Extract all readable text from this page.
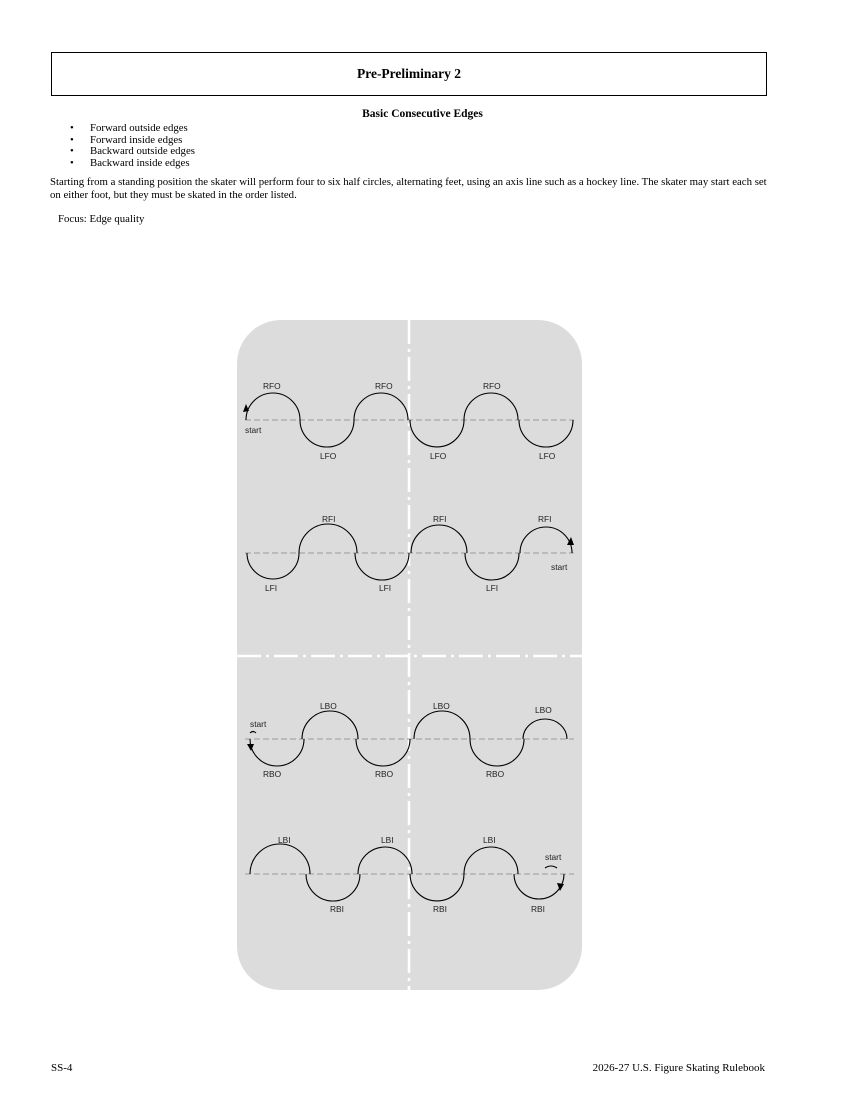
Pre-Preliminary 2
Basic Consecutive Edges
• Forward outside edges
• Forward inside edges
• Backward outside edges
• Backward inside edges

Starting from a standing position the skater will perform four to six half circles, alternating feet, using an axis line such as a hockey line. The skater may start each set on either foot, but they must be skated in the order listed.

Focus: Edge quality
RFO	RFO	RFO
LFO	LFO	LFO
start
RFI	RFI	RFI
LFI	LFI	LFI
start
LBO	LBO	LBO
RBO	RBO	RBO
start
LBI	LBI	LBI
RBI	RBI	RBI
start
SS-4	2026-27 U.S. Figure Skating Rulebook
